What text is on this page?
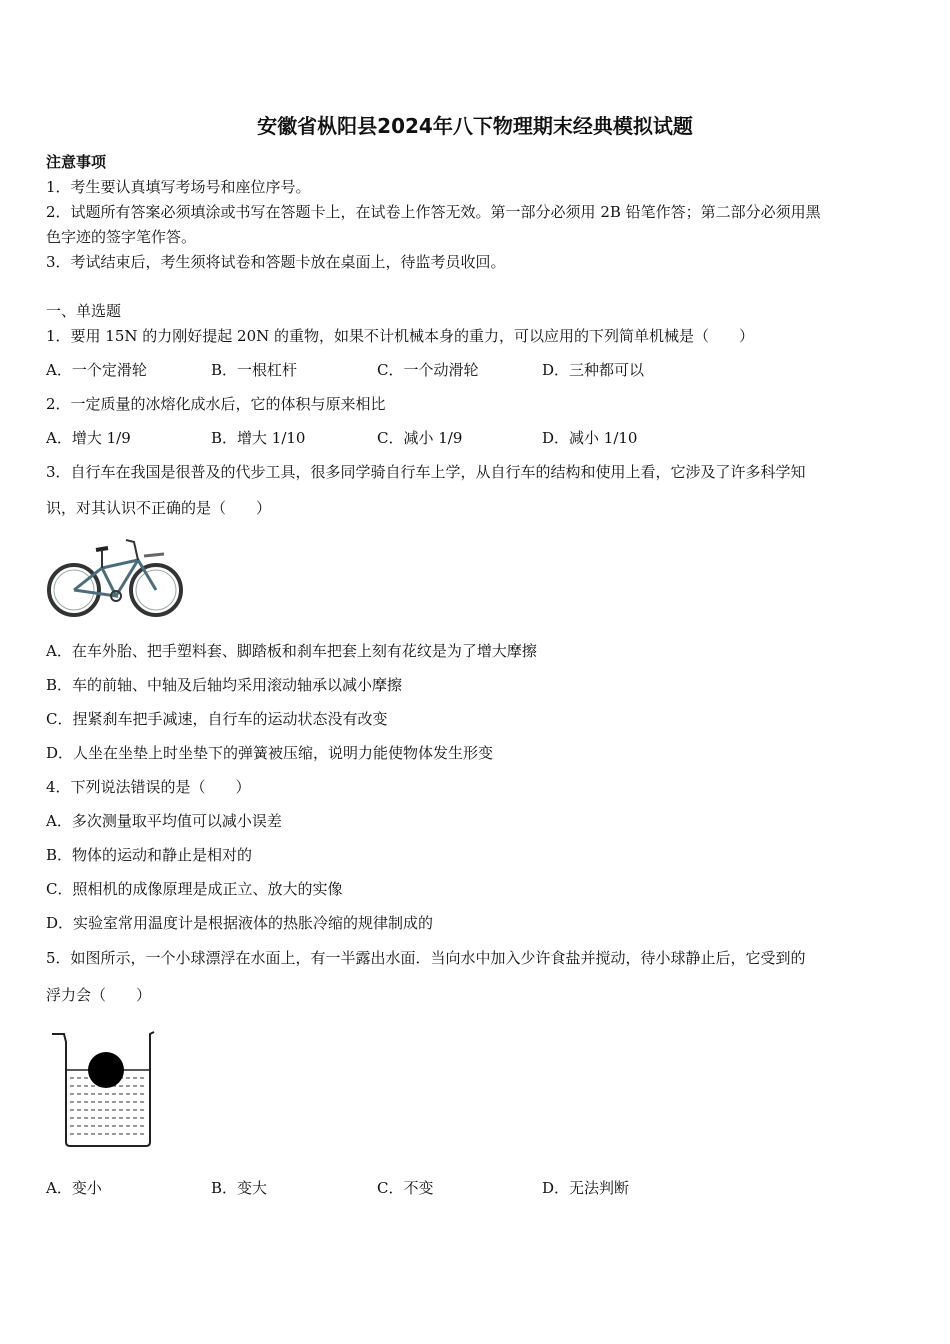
安徽省枞阳县2024年八下物理期末经典模拟试题
注意事项
1．考生要认真填写考场号和座位序号。
2．试题所有答案必须填涂或书写在答题卡上，在试卷上作答无效。第一部分必须用 2B 铅笔作答；第二部分必须用黑
色字迹的签字笔作答。
3．考试结束后，考生须将试卷和答题卡放在桌面上，待监考员收回。
一、单选题
1．要用 15N 的力刚好提起 20N 的重物，如果不计机械本身的重力，可以应用的下列简单机械是（　　）
A．一个定滑轮	B．一根杠杆	C．一个动滑轮	D．三种都可以
2．一定质量的冰熔化成水后，它的体积与原来相比
A．增大 1/9	B．增大 1/10	C．减小 1/9	D．减小 1/10
3．自行车在我国是很普及的代步工具，很多同学骑自行车上学，从自行车的结构和使用上看，它涉及了许多科学知
识，对其认识不正确的是（　　）
A．在车外胎、把手塑料套、脚踏板和刹车把套上刻有花纹是为了增大摩擦
B．车的前轴、中轴及后轴均采用滚动轴承以减小摩擦
C．捏紧刹车把手减速，自行车的运动状态没有改变
D．人坐在坐垫上时坐垫下的弹簧被压缩，说明力能使物体发生形变
4．下列说法错误的是（　　）
A．多次测量取平均值可以减小误差
B．物体的运动和静止是相对的
C．照相机的成像原理是成正立、放大的实像
D．实验室常用温度计是根据液体的热胀冷缩的规律制成的
5．如图所示，一个小球漂浮在水面上，有一半露出水面．当向水中加入少许食盐并搅动，待小球静止后，它受到的
浮力会（　　）
A．变小	B．变大	C．不变	D．无法判断
